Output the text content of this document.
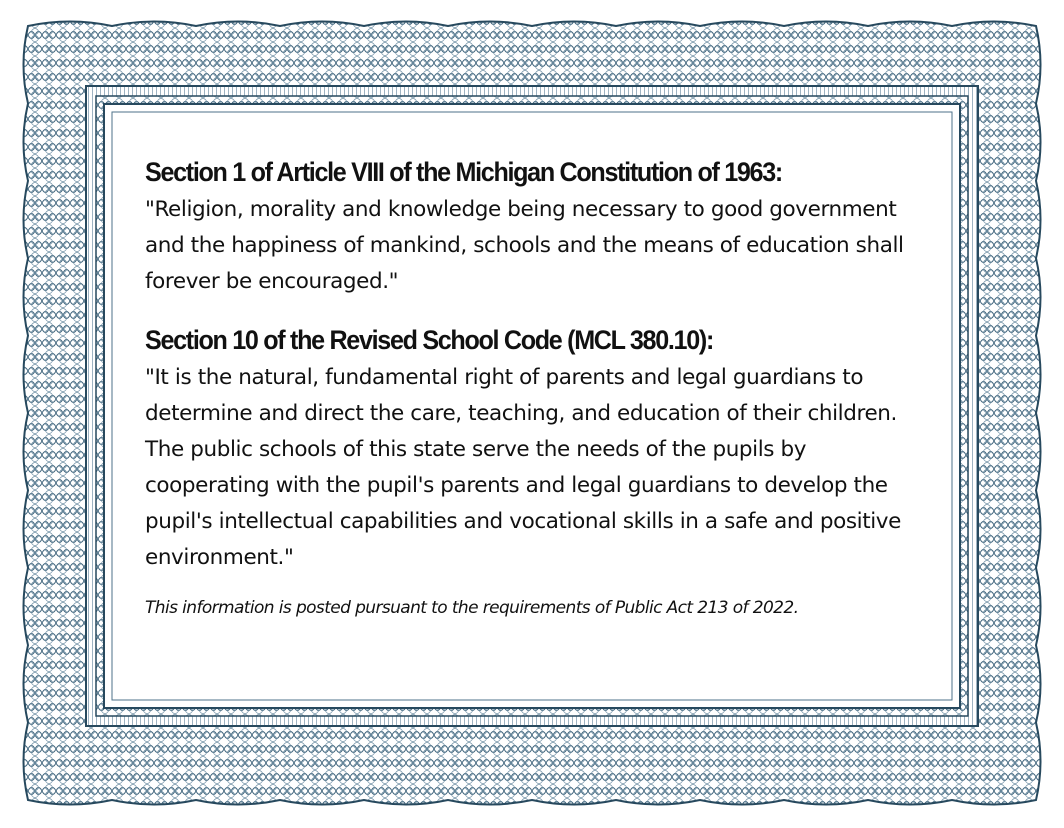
Section 1 of Article VIII of the Michigan Constitution of 1963:

"Religion, morality and knowledge being necessary to good government and the happiness of mankind, schools and the means of education shall forever be encouraged."

Section 10 of the Revised School Code (MCL 380.10):

"It is the natural, fundamental right of parents and legal guardians to determine and direct the care, teaching, and education of their children. The public schools of this state serve the needs of the pupils by cooperating with the pupil's parents and legal guardians to develop the pupil's intellectual capabilities and vocational skills in a safe and positive environment."

This information is posted pursuant to the requirements of Public Act 213 of 2022.
